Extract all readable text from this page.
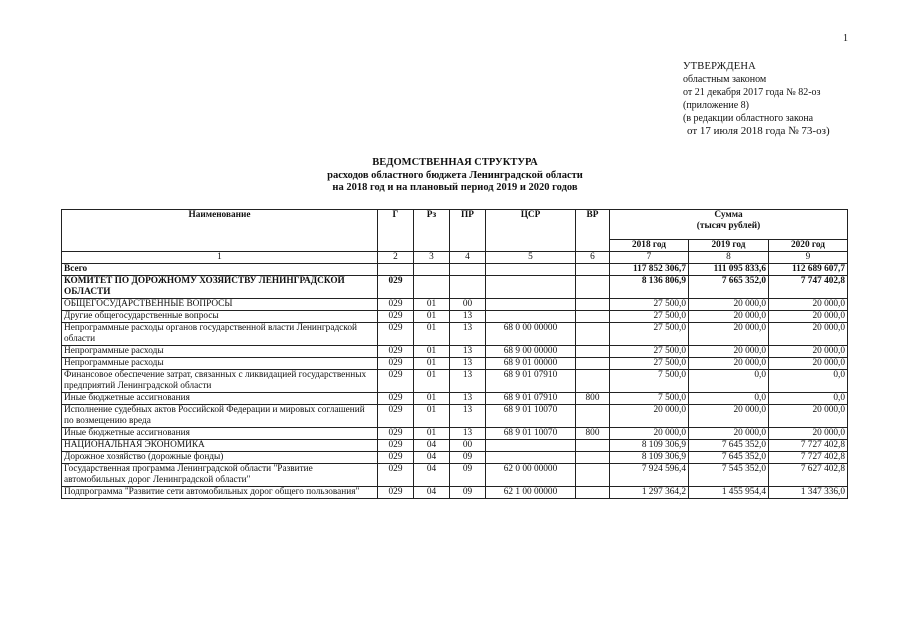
1
УТВЕРЖДЕНА
областным законом
от 21 декабря 2017 года № 82-оз
(приложение 8)
(в редакции областного закона
от 17 июля 2018 года № 73-оз)
ВЕДОМСТВЕННАЯ СТРУКТУРА
расходов областного бюджета Ленинградской области
на 2018 год и на плановый период 2019 и 2020 годов
Наименование	Г	Рз	ПР	ЦСР	ВР	Сумма
(тысяч рублей)		

						2018 год	2019 год	2020 год
1	2	3	4	5	6	7	8	9
Всего						117 852 306,7	111 095 833,6	112 689 607,7
КОМИТЕТ ПО ДОРОЖНОМУ ХОЗЯЙСТВУ ЛЕНИНГРАДСКОЙ ОБЛАСТИ	029					8 136 806,9	7 665 352,0	7 747 402,8
ОБЩЕГОСУДАРСТВЕННЫЕ ВОПРОСЫ	029	01	00			27 500,0	20 000,0	20 000,0
Другие общегосударственные вопросы	029	01	13			27 500,0	20 000,0	20 000,0
Непрограммные расходы органов государственной власти Ленинградской области	029	01	13	68 0 00 00000		27 500,0	20 000,0	20 000,0
Непрограммные расходы	029	01	13	68 9 00 00000		27 500,0	20 000,0	20 000,0
Непрограммные расходы	029	01	13	68 9 01 00000		27 500,0	20 000,0	20 000,0
Финансовое обеспечение затрат, связанных с ликвидацией государственных предприятий Ленинградской области	029	01	13	68 9 01 07910		7 500,0	0,0	0,0
Иные бюджетные ассигнования	029	01	13	68 9 01 07910	800	7 500,0	0,0	0,0
Исполнение судебных актов Российской Федерации и мировых соглашений по возмещению вреда	029	01	13	68 9 01 10070		20 000,0	20 000,0	20 000,0
Иные бюджетные ассигнования	029	01	13	68 9 01 10070	800	20 000,0	20 000,0	20 000,0
НАЦИОНАЛЬНАЯ ЭКОНОМИКА	029	04	00			8 109 306,9	7 645 352,0	7 727 402,8
Дорожное хозяйство (дорожные фонды)	029	04	09			8 109 306,9	7 645 352,0	7 727 402,8
Государственная программа Ленинградской области "Развитие автомобильных дорог Ленинградской области"	029	04	09	62 0 00 00000		7 924 596,4	7 545 352,0	7 627 402,8
Подпрограмма "Развитие сети автомобильных дорог общего пользования"	029	04	09	62 1 00 00000		1 297 364,2	1 455 954,4	1 347 336,0
